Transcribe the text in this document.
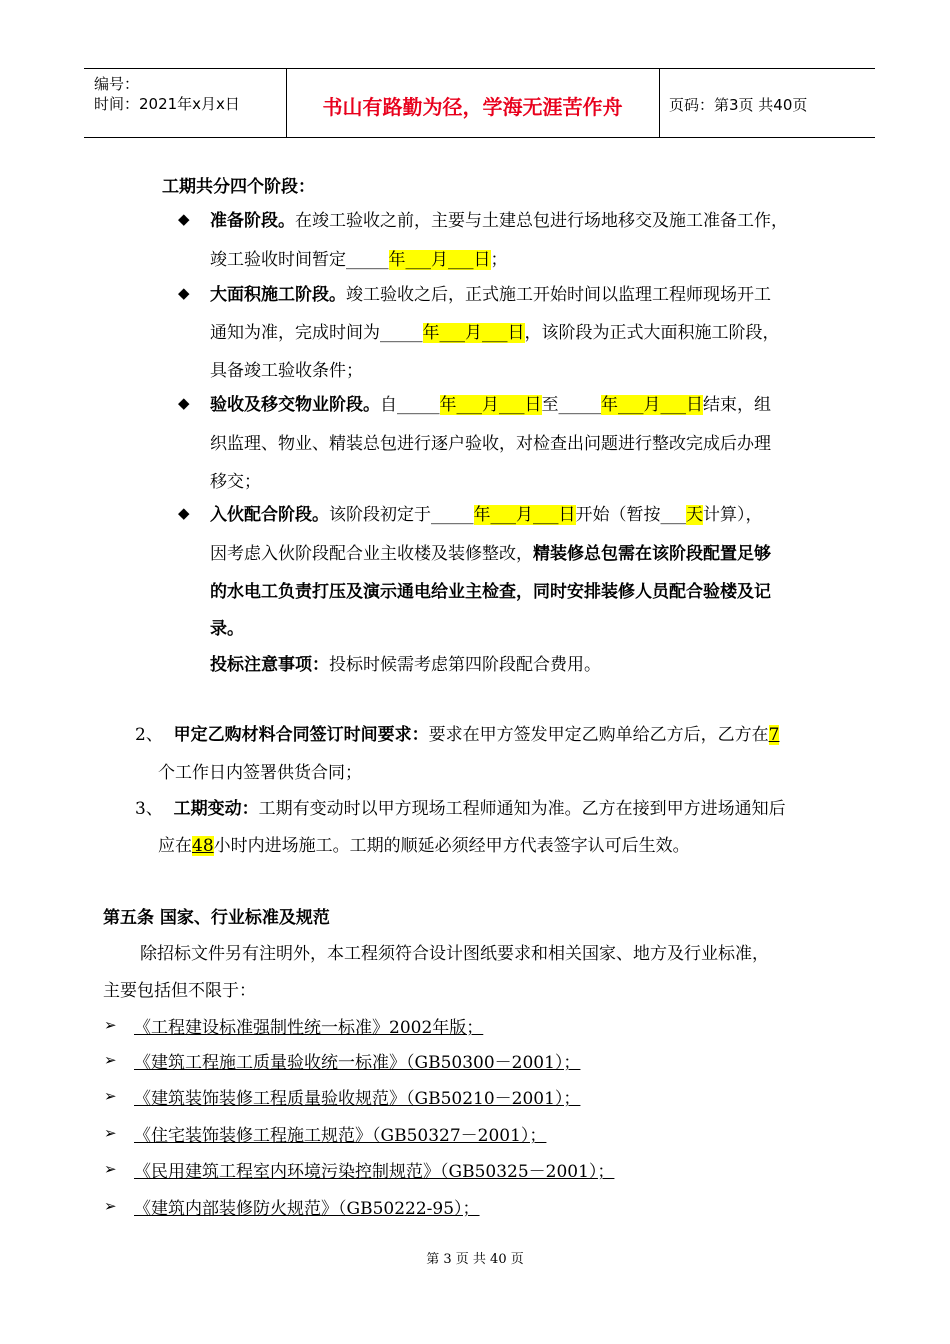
编号：
时间：2021年x月x日	书山有路勤为径，学海无涯苦作舟	页码：第3页 共40页
工期共分四个阶段：
◆ 准备阶段。在竣工验收之前，主要与土建总包进行场地移交及施工准备工作，
竣工验收时间暂定_____年___月___日；
◆ 大面积施工阶段。竣工验收之后，正式施工开始时间以监理工程师现场开工
通知为准，完成时间为_____年___月___日，该阶段为正式大面积施工阶段，
具备竣工验收条件；
◆ 验收及移交物业阶段。自_____年___月___日至_____年___月___日结束，组
织监理、物业、精装总包进行逐户验收，对检查出问题进行整改完成后办理
移交；
◆ 入伙配合阶段。该阶段初定于_____年___月___日开始（暂按___天计算），
因考虑入伙阶段配合业主收楼及装修整改，精装修总包需在该阶段配置足够
的水电工负责打压及演示通电给业主检查，同时安排装修人员配合验楼及记
录。
投标注意事项：投标时候需考虑第四阶段配合费用。
2、 甲定乙购材料合同签订时间要求：要求在甲方签发甲定乙购单给乙方后，乙方在7
个工作日内签署供货合同；
3、 工期变动：工期有变动时以甲方现场工程师通知为准。乙方在接到甲方进场通知后
应在48小时内进场施工。工期的顺延必须经甲方代表签字认可后生效。
第五条 国家、行业标准及规范
除招标文件另有注明外，本工程须符合设计图纸要求和相关国家、地方及行业标准，
主要包括但不限于：
➢ 《工程建设标准强制性统一标准》2002年版；
➢ 《建筑工程施工质量验收统一标准》（GB50300－2001）；
➢ 《建筑装饰装修工程质量验收规范》（GB50210－2001）；
➢ 《住宅装饰装修工程施工规范》（GB50327－2001）；
➢ 《民用建筑工程室内环境污染控制规范》（GB50325－2001）；
➢ 《建筑内部装修防火规范》（GB50222-95）；
第 3 页 共 40 页
